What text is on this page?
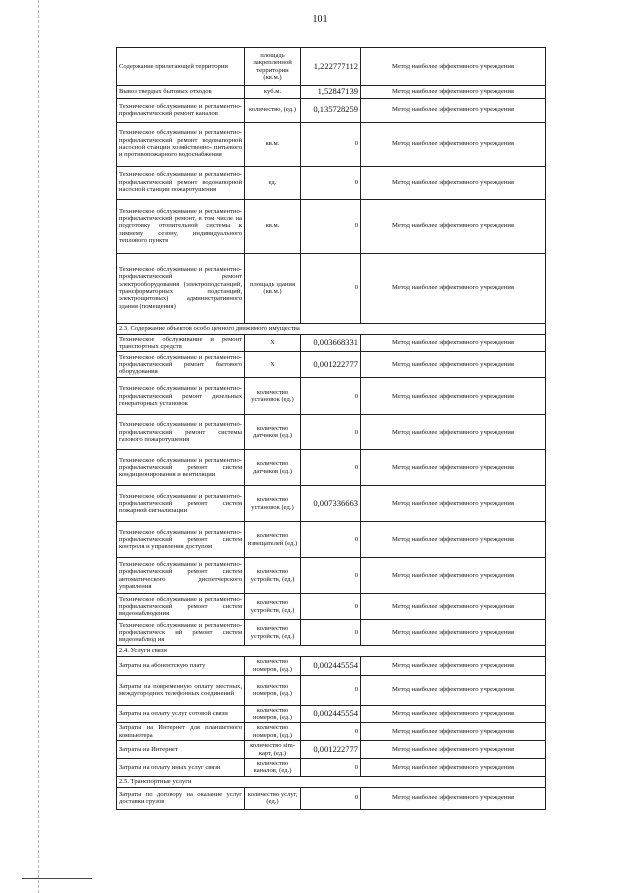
101
Содержание прилегающей территории	площадь закрепленной территории (кв.м.)	1,222777112	Метод наиболее эффективного учреждения
Вывоз твердых бытовых отходов	куб.м.	1,52847139	Метод наиболее эффективного учреждения
Техническое обслуживание и регламентно- профилактический ремонт каналов	количество, (ед.)	0,135728259	Метод наиболее эффективного учреждения
Техническое обслуживание и регламентно- профилактический ремонт водонапорной насосной станции хозяйственно- питьевого и противопожарного водоснабжения	кв.м.	0	Метод наиболее эффективного учреждения
Техническое обслуживание и регламентно- профилактический ремонт водонапорной насосной станции пожаротушения	ед.	0	Метод наиболее эффективного учреждения
Техническое обслуживание и регламентно- профилактический ремонт, в том числе на подготовку отопительной системы к зимнему сезону, индивидуального теплового пунктв	кв.м.	0	Метод наиболее эффективного учреждения
Техническое обслуживание и регламентно- профилактический ремонт электрооборудования (электроподстанций, трансформаторных подстанций, электрощитовых) административного здания (помещения)	площадь здания (кв.м.)	0	Метод наиболее эффективного учреждения
2.3. Содержание объектов особо ценного движимого имущества			
Техническое обслуживание и ремонт транспортных средств	Х	0,003668331	Метод наиболее эффективного учреждения
Техническое обслуживание и регламентно- профилактический ремонт бытового оборудования	Х	0,001222777	Метод наиболее эффективного учреждения
Техническое обслуживание и регламентно- профилактический ремонт дизельных генераторных установок	количество установок (ед.)	0	Метод наиболее эффективного учреждения
Техническое обслуживание и регламентно- профилактический ремонт системы газового пожаротушения	количество датчиков (ед.)	0	Метод наиболее эффективного учреждения
Техническое обслуживание и регламентно- профилактический ремонт систем кондиционирования и вентиляции	количество датчиков (ед.)	0	Метод наиболее эффективного учреждения
Техническое обслуживание и регламентно- профилактический ремонт систем пожарной сигнализации	количество установок (ед.)	0,007336663	Метод наиболее эффективного учреждения
Техническое обслуживание и регламентно- профилактический ремонт систем контроля и управления доступом	количество извещателей (ед.)	0	Метод наиболее эффективного учреждения
Техническое обслуживание и регламентно- профилактический ремонт систем автоматического диспетчерского управления	количество устройств, (ед.)	0	Метод наиболее эффективного учреждения
Техническое обслуживание и регламентно- профилактический ремонт систем видеонаблюдения	количество устройств, (ед.)	0	Метод наиболее эффективного учреждения
Техническое обслуживание и регламентно- профилактическ ий ремонт систем видеонаблюд ия	количество устройств, (ед.)	0	Метод наиболее эффективного учреждения
2.4. Услуги связи			
Затраты на абонентскую плату	количество номеров, (ед.)	0,002445554	Метод наиболее эффективного учреждения
Затраты на повременную оплату местных, междугородних телефонных соединений	количество номеров, (ед.)	0	Метод наиболее эффективного учреждения
Затраты на оплату услуг сотовой связи	количество номеров, (ед.)	0,002445554	Метод наиболее эффективного учреждения
Затраты на Интернет для планшетного компьютера	количество номеров, (ед.)	0	Метод наиболее эффективного учреждения
Затраты на Интернет	количество sim-карт, (ед.)	0,001222777	Метод наиболее эффективного учреждения
Затраты на оплату иных услуг связи	количество каналов, (ед.)	0	Метод наиболее эффективного учреждения
2.5. Транспортные услуги			
Затраты по договору на оказание услуг доставки грузов	количество услуг, (ед.)	0	Метод наиболее эффективного учреждения
